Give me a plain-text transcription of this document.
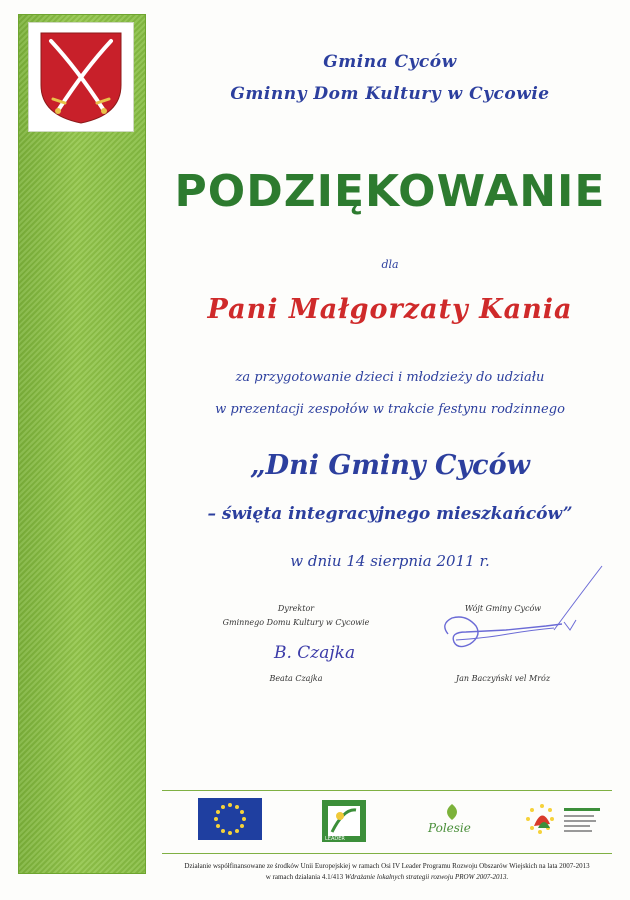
Gmina Cyców
Gminny Dom Kultury w Cycowie
PODZIĘKOWANIE
dla
Pani Małgorzaty Kania
za przygotowanie dzieci i młodzieży do udziału
w prezentacji zespołów w trakcie festynu rodzinnego
„Dni Gminy Cyców
– święta integracyjnego mieszkańców”
w dniu 14 sierpnia 2011 r.
Dyrektor
Gminnego Domu Kultury w Cycowie
B. Czajka
Beata Czajka
Wójt Gminy Cyców
Jan Baczyński vel Mróz
LEADER
Polesie
Działanie współfinansowane ze środków Unii Europejskiej w ramach Osi IV Leader Programu Rozwoju Obszarów Wiejskich na lata 2007-2013
w ramach działania 4.1/413 Wdrażanie lokalnych strategii rozwoju PROW 2007-2013.
